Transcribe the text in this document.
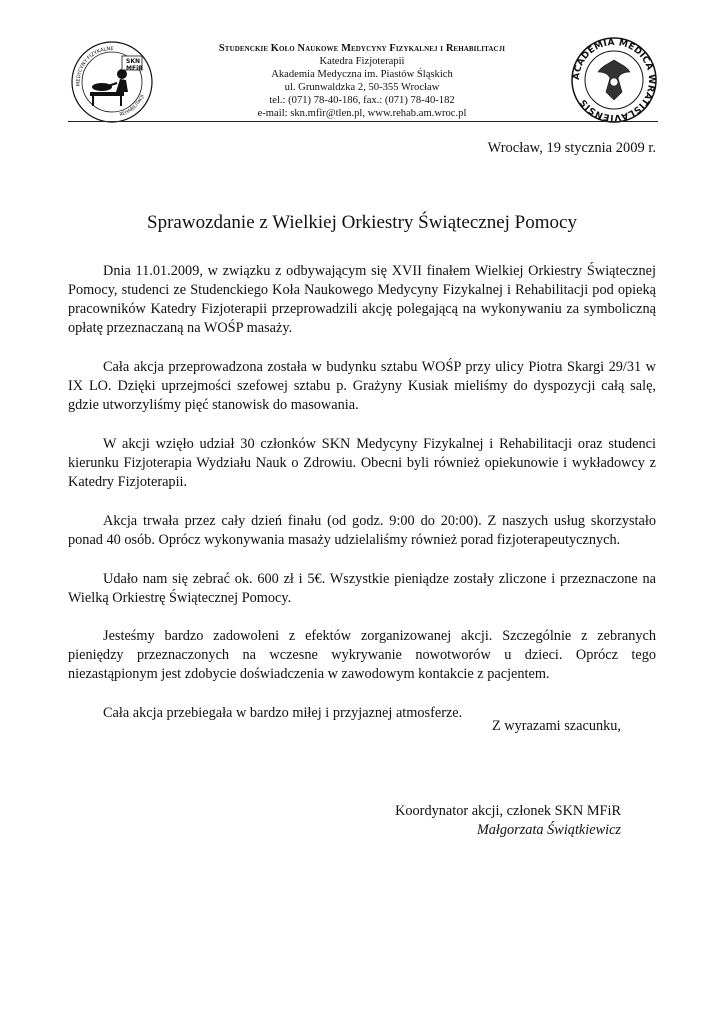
MEDYCYNY FIZYKALNE
REHABILITACJI
SKN MFiR
Studenckie Koło Naukowe Medycyny Fizykalnej i Rehabilitacji
Katedra Fizjoterapii
Akademia Medyczna im. Piastów Śląskich
ul. Grunwaldzka 2, 50-355 Wrocław
tel.: (071) 78-40-186, fax.: (071) 78-40-182
e-mail: skn.mfir@tlen.pl, www.rehab.am.wroc.pl
ACADEMIA MEDICA WRATISLAVIENSIS
Wrocław, 19 stycznia 2009 r.
Sprawozdanie z Wielkiej Orkiestry Świątecznej Pomocy

Dnia 11.01.2009, w związku z odbywającym się XVII finałem Wielkiej Orkiestry Świątecznej Pomocy, studenci ze Studenckiego Koła Naukowego Medycyny Fizykalnej i Rehabilitacji pod opieką pracowników Katedry Fizjoterapii przeprowadzili akcję polegającą na wykonywaniu za symboliczną opłatę przeznaczaną na WOŚP masaży.

Cała akcja przeprowadzona została w budynku sztabu WOŚP przy ulicy Piotra Skargi 29/31 w IX LO. Dzięki uprzejmości szefowej sztabu p. Grażyny Kusiak mieliśmy do dyspozycji całą salę, gdzie utworzyliśmy pięć stanowisk do masowania.

W akcji wzięło udział 30 członków SKN Medycyny Fizykalnej i Rehabilitacji oraz studenci kierunku Fizjoterapia Wydziału Nauk o Zdrowiu. Obecni byli również opiekunowie i wykładowcy z Katedry Fizjoterapii.

Akcja trwała przez cały dzień finału (od godz. 9:00 do 20:00). Z naszych usług skorzystało ponad 40 osób. Oprócz wykonywania masaży udzielaliśmy również porad fizjoterapeutycznych.

Udało nam się zebrać ok. 600 zł i 5€. Wszystkie pieniądze zostały zliczone i przeznaczone na Wielką Orkiestrę Świątecznej Pomocy.

Jesteśmy bardzo zadowoleni z efektów zorganizowanej akcji. Szczególnie z zebranych pieniędzy przeznaczonych na wczesne wykrywanie nowotworów u dzieci. Oprócz tego niezastąpionym jest zdobycie doświadczenia w zawodowym kontakcie z pacjentem.

Cała akcja przebiegała w bardzo miłej i przyjaznej atmosferze.

Z wyrazami szacunku,
Koordynator akcji, członek SKN MFiR
Małgorzata Świątkiewicz
